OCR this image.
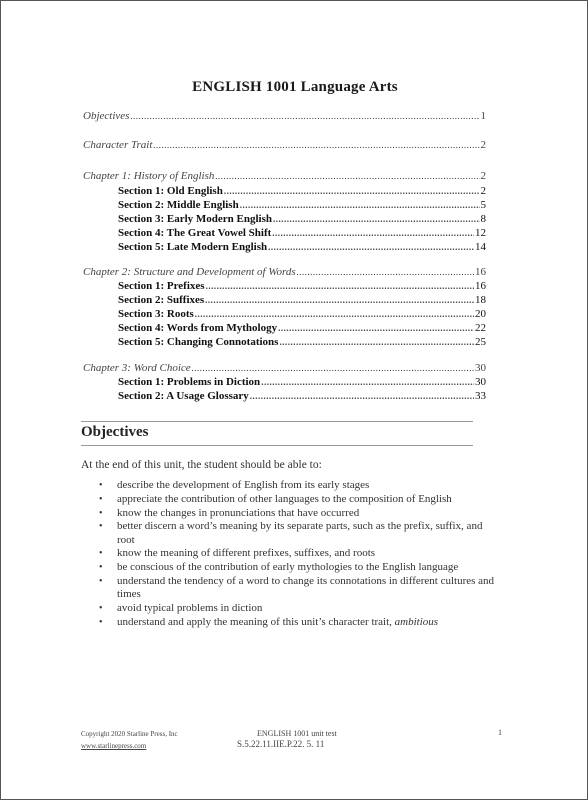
ENGLISH 1001 Language Arts
Objectives .....	1
Character Trait .....	2
Chapter 1: History of English .....	2
Section 1: Old English .....	2
Section 2: Middle English .....	5
Section 3: Early Modern English .....	8
Section 4: The Great Vowel Shift .....	12
Section 5: Late Modern English .....	14
Chapter 2: Structure and Development of Words .....	16
Section 1: Prefixes .....	16
Section 2: Suffixes .....	18
Section 3: Roots .....	20
Section 4: Words from Mythology .....	22
Section 5: Changing Connotations .....	25
Chapter 3: Word Choice .....	30
Section 1: Problems in Diction .....	30
Section 2: A Usage Glossary .....	33
Objectives
At the end of this unit, the student should be able to:
•	describe the development of English from its early stages
•	appreciate the contribution of other languages to the composition of English
•	know the changes in pronunciations that have occurred
•	better discern a word’s meaning by its separate parts, such as the prefix, suffix, and root
•	know the meaning of different prefixes, suffixes, and roots
•	be conscious of the contribution of early mythologies to the English language
•	understand the tendency of a word to change its connotations in different cultures and times
•	avoid typical problems in diction
•	understand and apply the meaning of this unit’s character trait, ambitious
Copyright 2020 Starline Press, Inc
www.starlinepress.com
ENGLISH 1001 unit test
S.5.22.11.IIE.P.22. 5. 11
1
